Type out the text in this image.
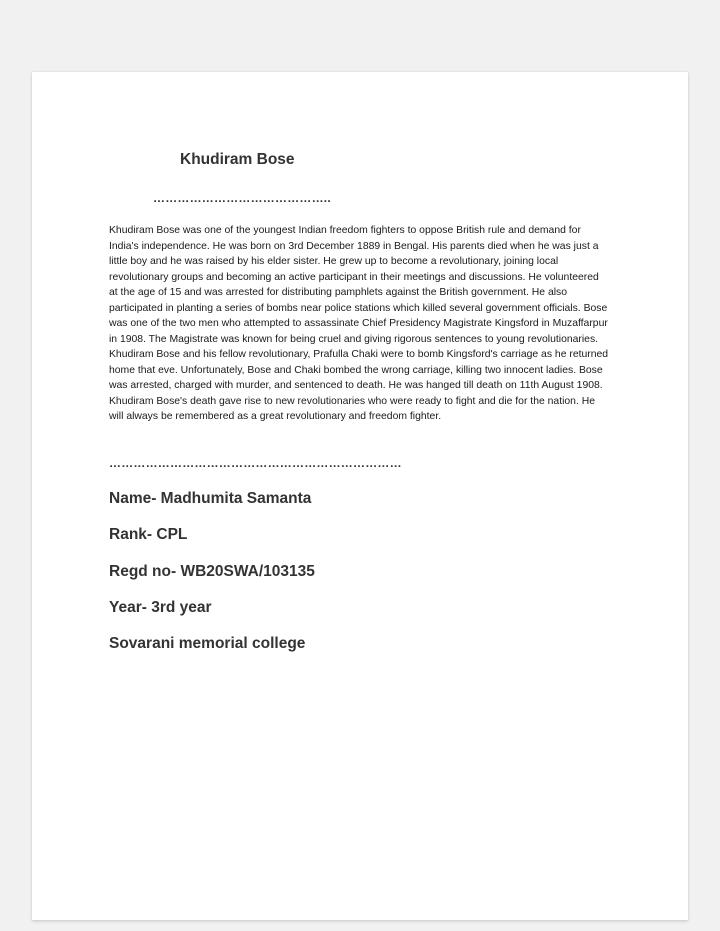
Khudiram Bose
……………………………………..

Khudiram Bose was one of the youngest Indian freedom fighters to oppose British rule and demand for India's independence. He was born on 3rd December 1889 in Bengal. His parents died when he was just a little boy and he was raised by his elder sister. He grew up to become a revolutionary, joining local revolutionary groups and becoming an active participant in their meetings and discussions. He volunteered at the age of 15 and was arrested for distributing pamphlets against the British government. He also participated in planting a series of bombs near police stations which killed several government officials. Bose was one of the two men who attempted to assassinate Chief Presidency Magistrate Kingsford in Muzaffarpur in 1908. The Magistrate was known for being cruel and giving rigorous sentences to young revolutionaries. Khudiram Bose and his fellow revolutionary, Prafulla Chaki were to bomb Kingsford's carriage as he returned home that eve. Unfortunately, Bose and Chaki bombed the wrong carriage, killing two innocent ladies. Bose was arrested, charged with murder, and sentenced to death. He was hanged till death on 11th August 1908. Khudiram Bose's death gave rise to new revolutionaries who were ready to fight and die for the nation. He will always be remembered as a great revolutionary and freedom fighter.

………………………………………………………………

Name- Madhumita Samanta

Rank- CPL

Regd no- WB20SWA/103135

Year- 3rd year

Sovarani memorial college
